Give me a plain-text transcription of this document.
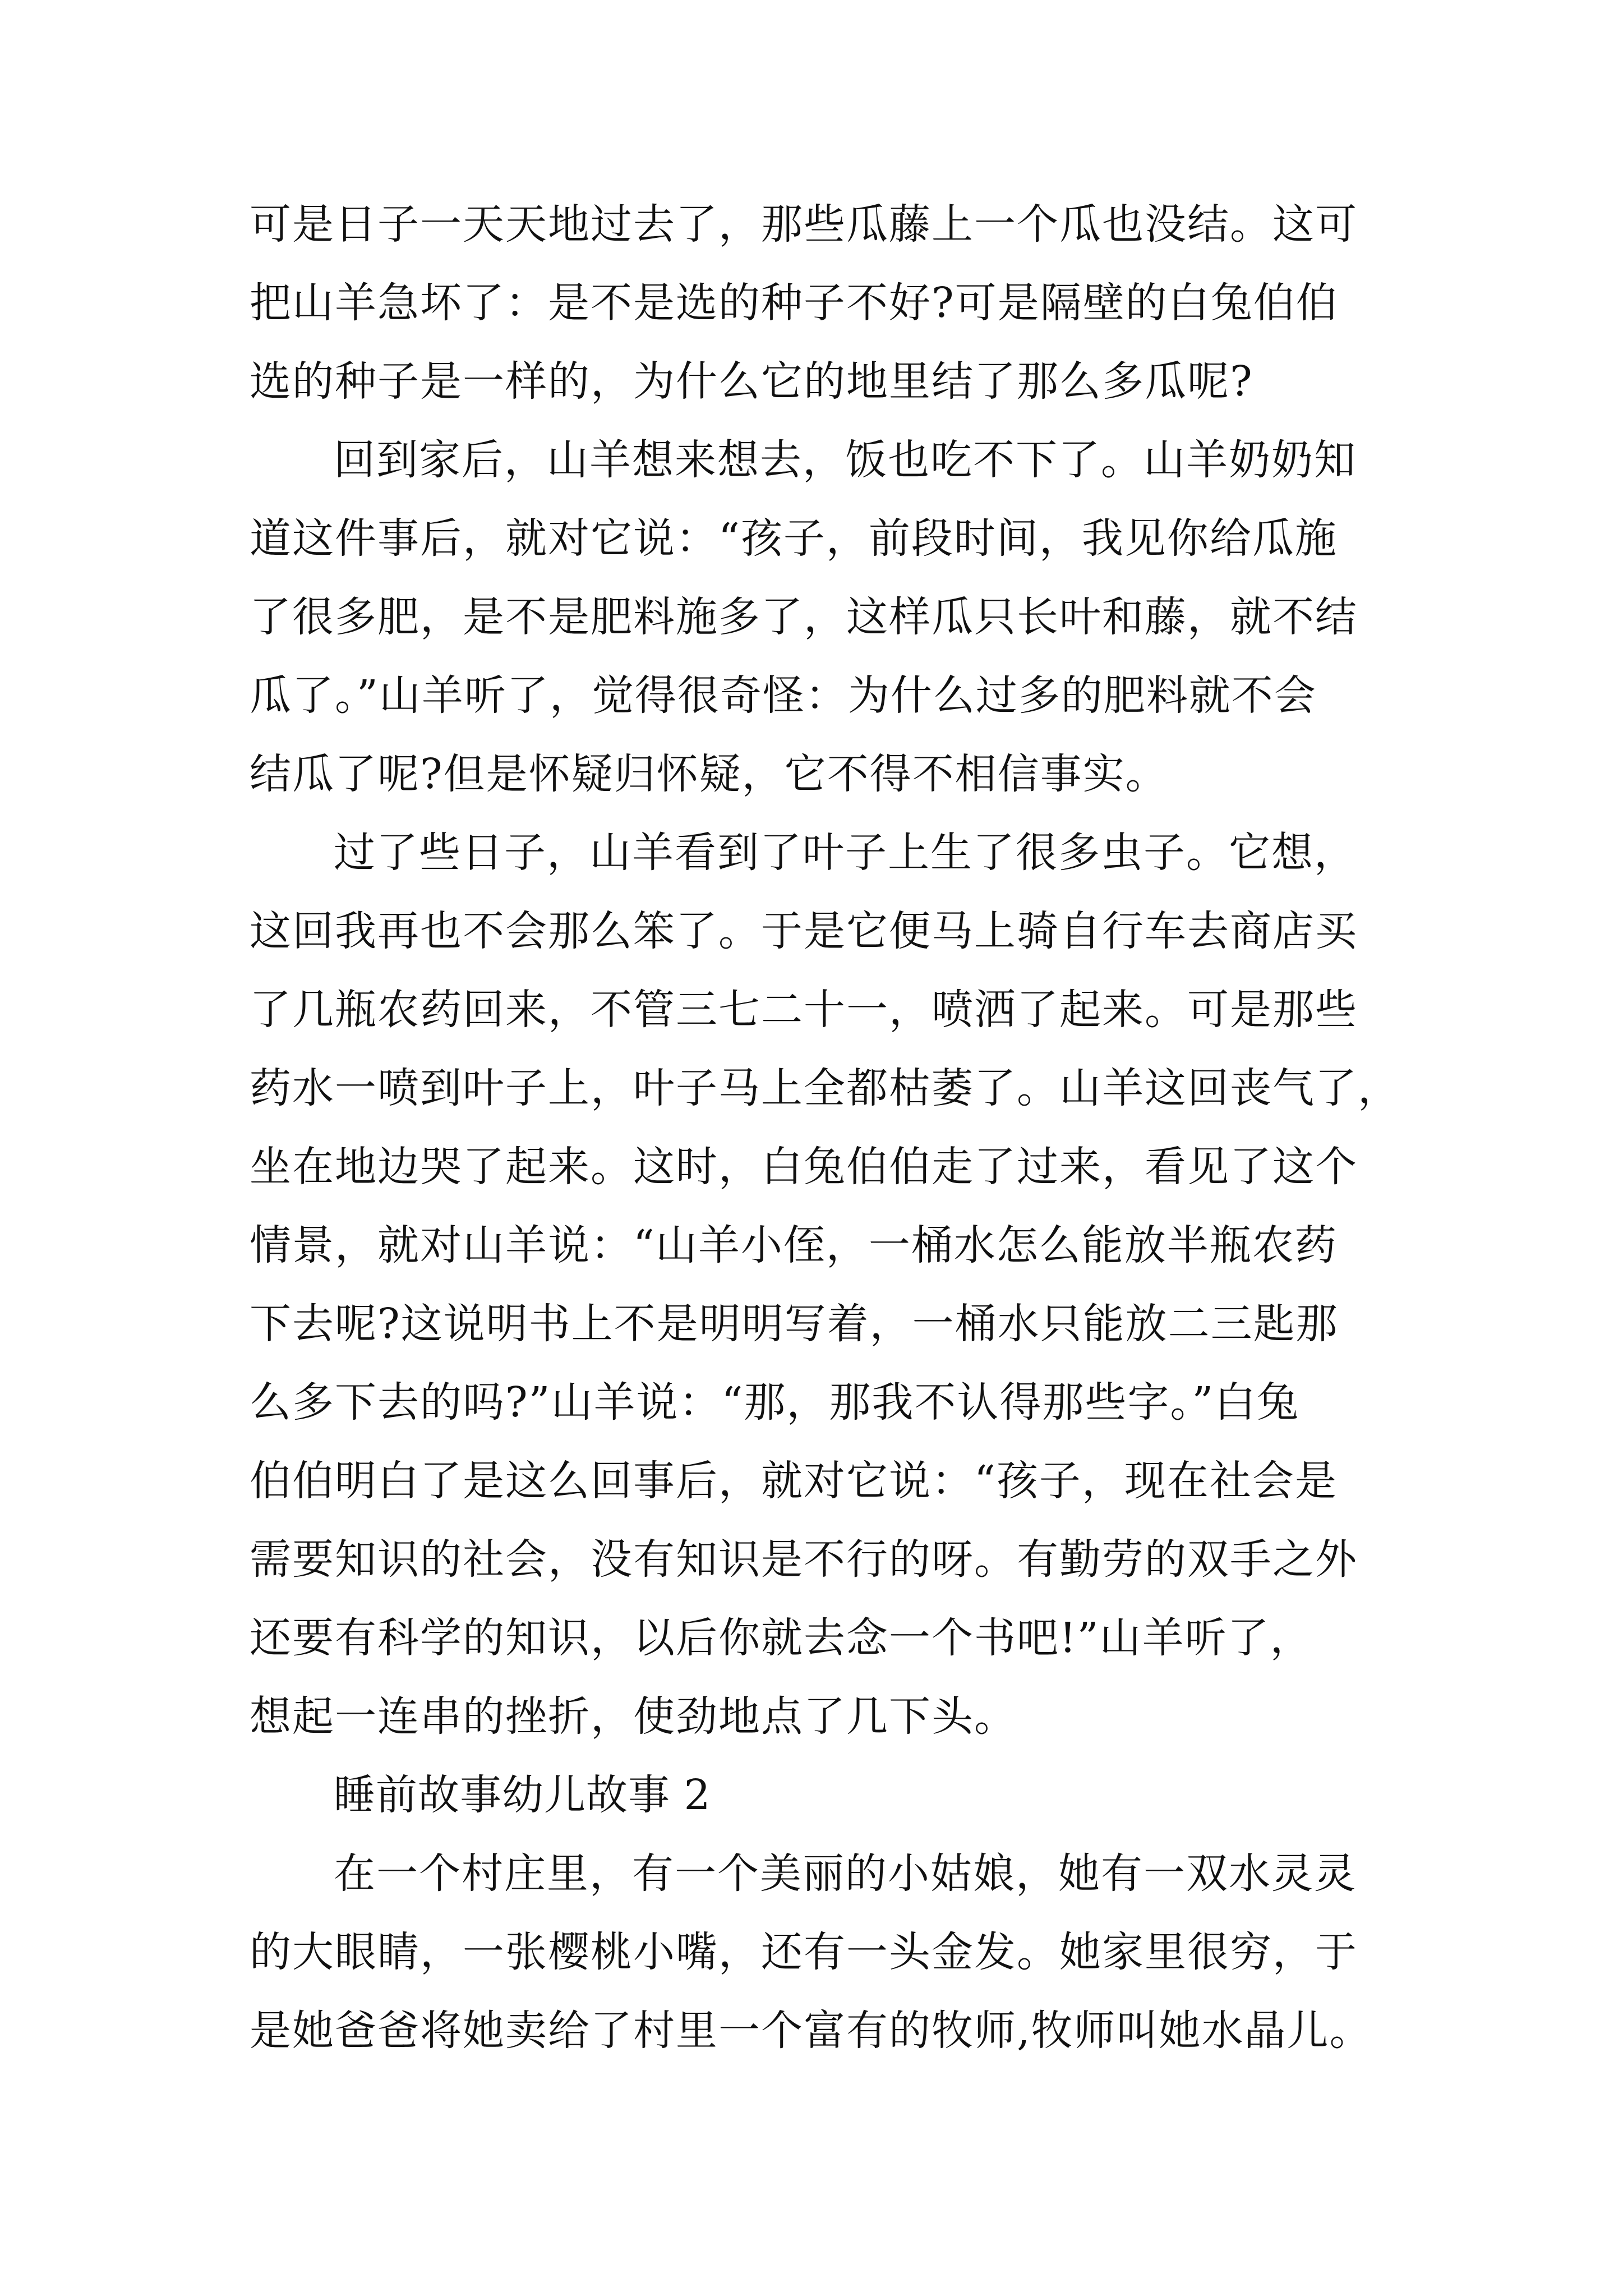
可是日子一天天地过去了，那些瓜藤上一个瓜也没结。这可
把山羊急坏了：是不是选的种子不好?可是隔壁的白兔伯伯
选的种子是一样的，为什么它的地里结了那么多瓜呢?
回到家后，山羊想来想去，饭也吃不下了。山羊奶奶知
道这件事后，就对它说：“孩子，前段时间，我见你给瓜施
了很多肥，是不是肥料施多了，这样瓜只长叶和藤，就不结
瓜了。”山羊听了，觉得很奇怪：为什么过多的肥料就不会
结瓜了呢?但是怀疑归怀疑，它不得不相信事实。
过了些日子，山羊看到了叶子上生了很多虫子。它想，
这回我再也不会那么笨了。于是它便马上骑自行车去商店买
了几瓶农药回来，不管三七二十一，喷洒了起来。可是那些
药水一喷到叶子上，叶子马上全都枯萎了。山羊这回丧气了，
坐在地边哭了起来。这时，白兔伯伯走了过来，看见了这个
情景，就对山羊说：“山羊小侄，一桶水怎么能放半瓶农药
下去呢?这说明书上不是明明写着，一桶水只能放二三匙那
么多下去的吗?”山羊说：“那，那我不认得那些字。”白兔
伯伯明白了是这么回事后，就对它说：“孩子，现在社会是
需要知识的社会，没有知识是不行的呀。有勤劳的双手之外
还要有科学的知识，以后你就去念一个书吧!”山羊听了，
想起一连串的挫折，使劲地点了几下头。
睡前故事幼儿故事 2
在一个村庄里，有一个美丽的小姑娘，她有一双水灵灵
的大眼睛，一张樱桃小嘴，还有一头金发。她家里很穷，于
是她爸爸将她卖给了村里一个富有的牧师,牧师叫她水晶儿。
